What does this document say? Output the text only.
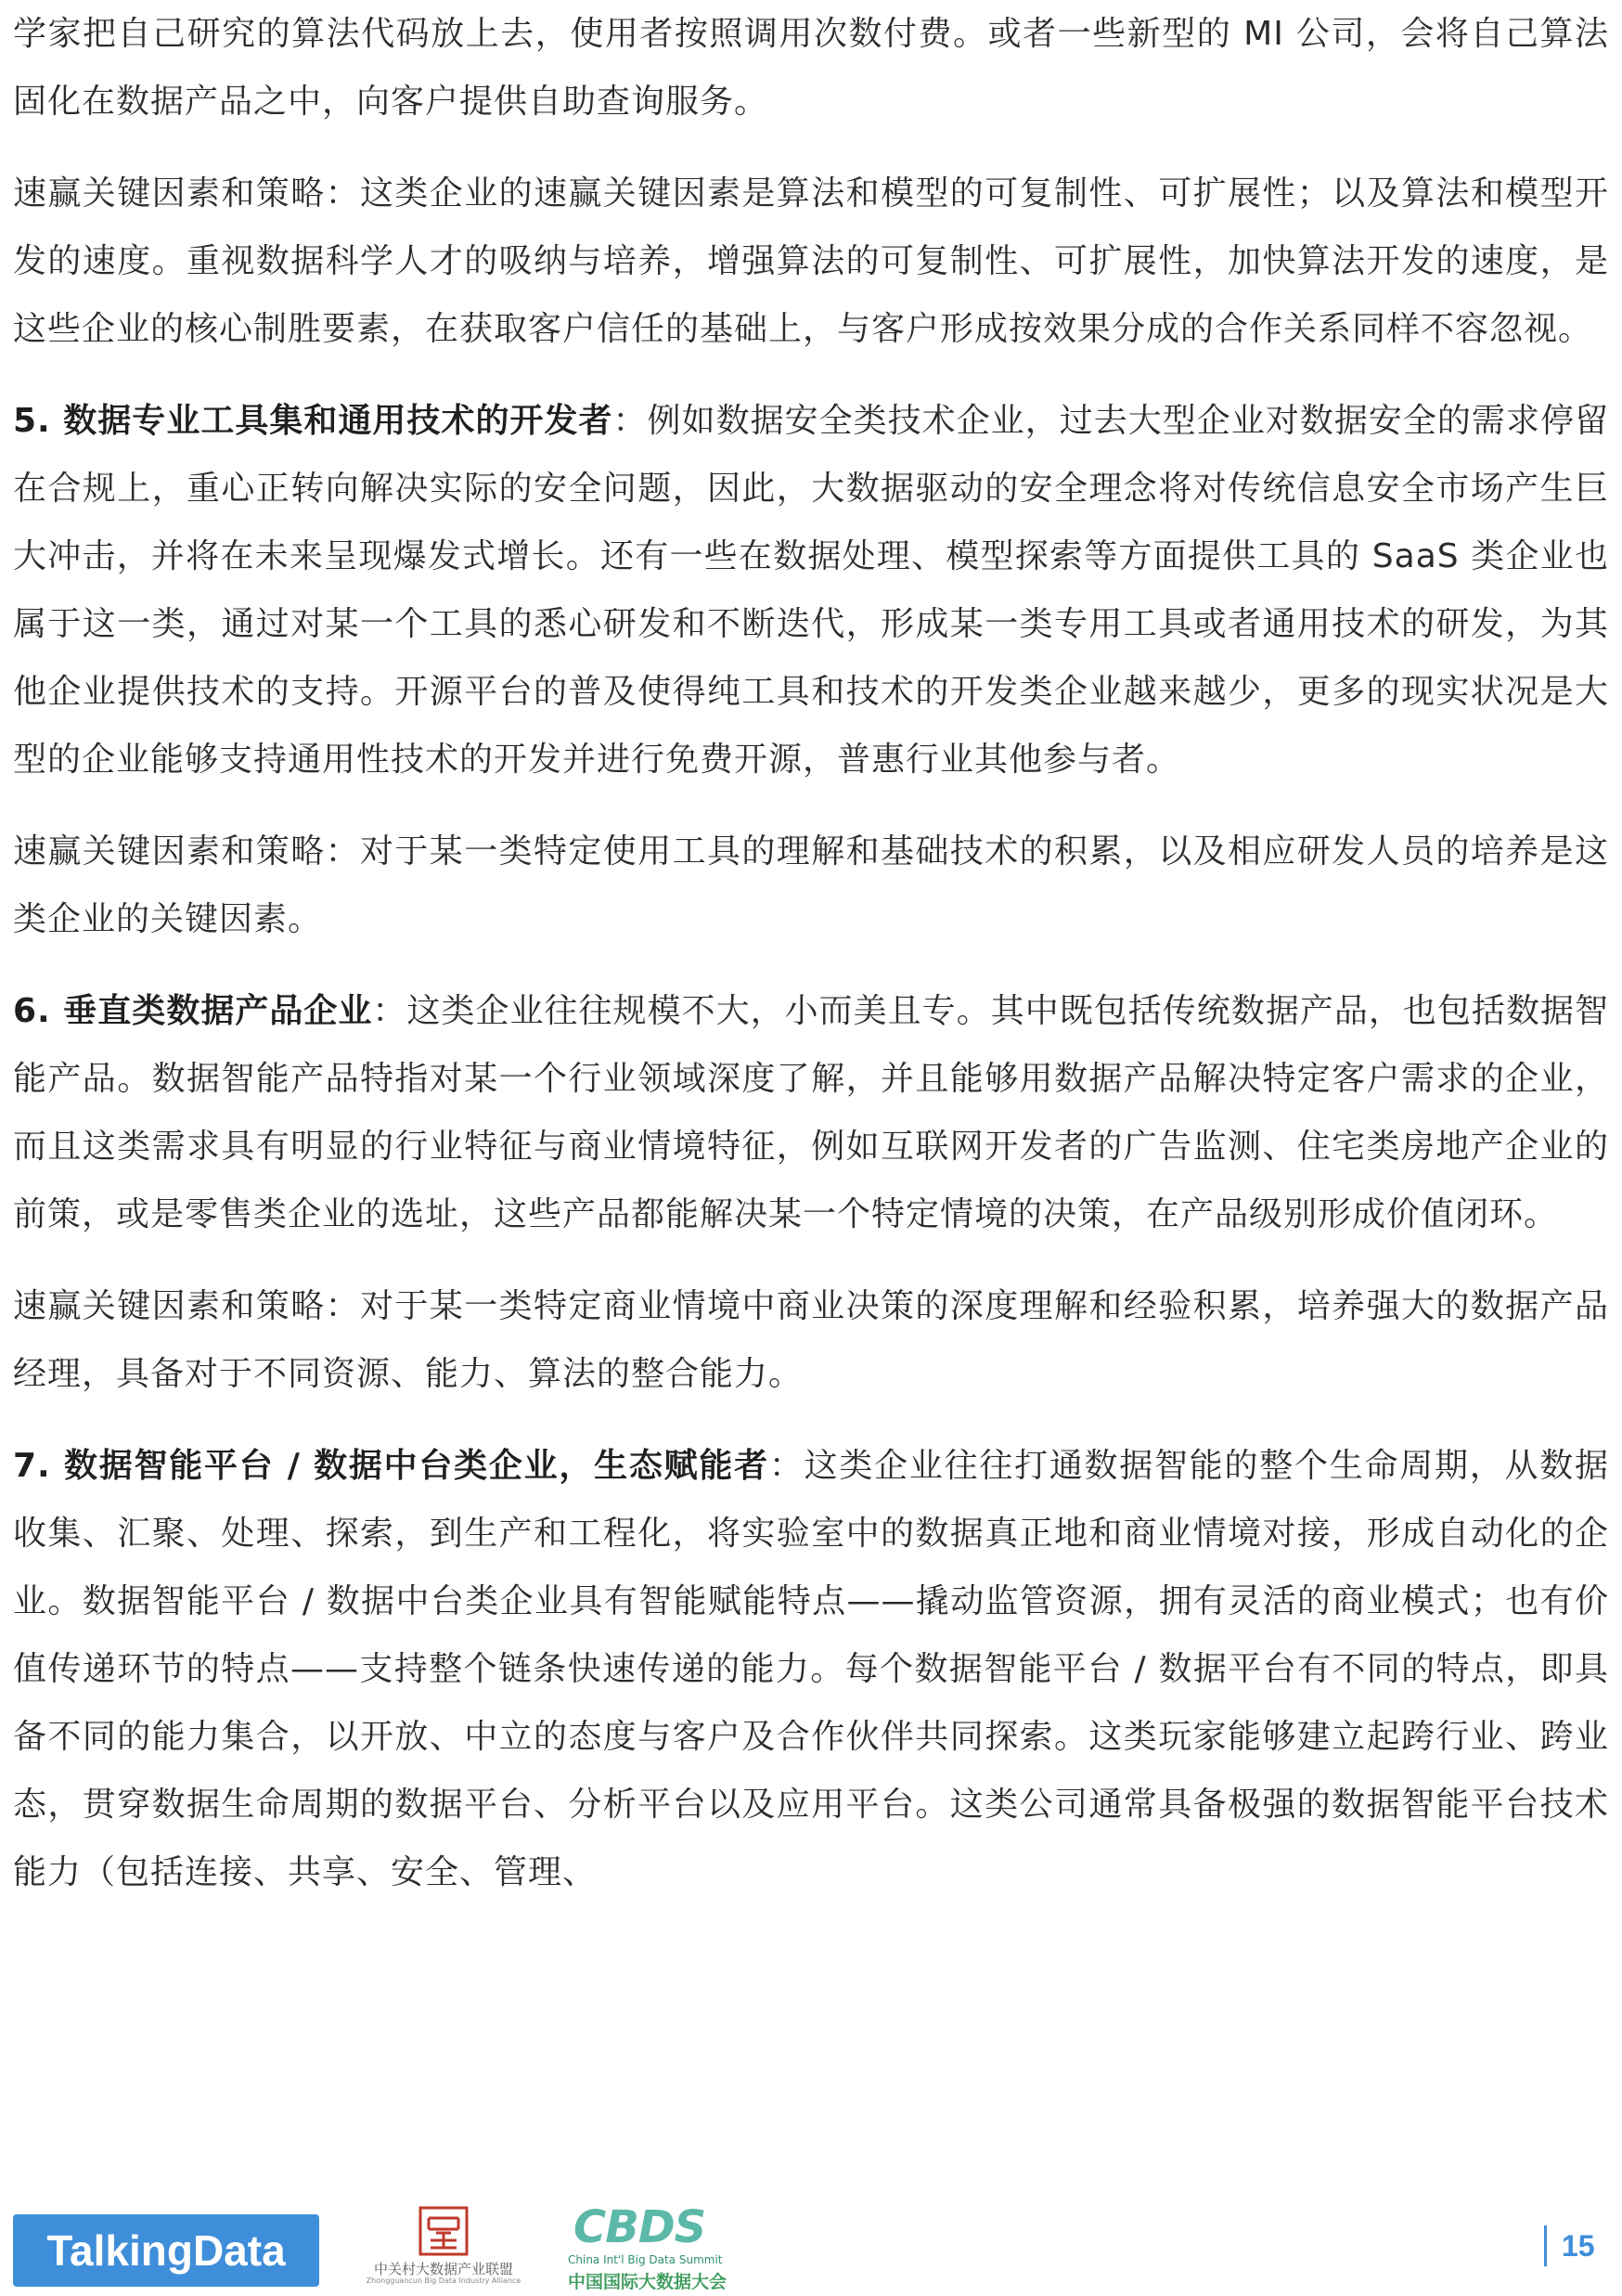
学家把自己研究的算法代码放上去，使用者按照调用次数付费。或者一些新型的 MI 公司，会将自己算法固化在数据产品之中，向客户提供自助查询服务。

速赢关键因素和策略：这类企业的速赢关键因素是算法和模型的可复制性、可扩展性；以及算法和模型开发的速度。重视数据科学人才的吸纳与培养，增强算法的可复制性、可扩展性，加快算法开发的速度，是这些企业的核心制胜要素，在获取客户信任的基础上，与客户形成按效果分成的合作关系同样不容忽视。

5. 数据专业工具集和通用技术的开发者：例如数据安全类技术企业，过去大型企业对数据安全的需求停留在合规上，重心正转向解决实际的安全问题，因此，大数据驱动的安全理念将对传统信息安全市场产生巨大冲击，并将在未来呈现爆发式增长。还有一些在数据处理、模型探索等方面提供工具的 SaaS 类企业也属于这一类，通过对某一个工具的悉心研发和不断迭代，形成某一类专用工具或者通用技术的研发，为其他企业提供技术的支持。开源平台的普及使得纯工具和技术的开发类企业越来越少，更多的现实状况是大型的企业能够支持通用性技术的开发并进行免费开源，普惠行业其他参与者。

速赢关键因素和策略：对于某一类特定使用工具的理解和基础技术的积累，以及相应研发人员的培养是这类企业的关键因素。

6. 垂直类数据产品企业：这类企业往往规模不大，小而美且专。其中既包括传统数据产品，也包括数据智能产品。数据智能产品特指对某一个行业领域深度了解，并且能够用数据产品解决特定客户需求的企业，而且这类需求具有明显的行业特征与商业情境特征，例如互联网开发者的广告监测、住宅类房地产企业的前策，或是零售类企业的选址，这些产品都能解决某一个特定情境的决策，在产品级别形成价值闭环。

速赢关键因素和策略：对于某一类特定商业情境中商业决策的深度理解和经验积累，培养强大的数据产品经理，具备对于不同资源、能力、算法的整合能力。

7. 数据智能平台 / 数据中台类企业，生态赋能者：这类企业往往打通数据智能的整个生命周期，从数据收集、汇聚、处理、探索，到生产和工程化，将实验室中的数据真正地和商业情境对接，形成自动化的企业。数据智能平台 / 数据中台类企业具有智能赋能特点——撬动监管资源，拥有灵活的商业模式；也有价值传递环节的特点——支持整个链条快速传递的能力。每个数据智能平台 / 数据平台有不同的特点，即具备不同的能力集合，以开放、中立的态度与客户及合作伙伴共同探索。这类玩家能够建立起跨行业、跨业态，贯穿数据生命周期的数据平台、分析平台以及应用平台。这类公司通常具备极强的数据智能平台技术能力（包括连接、共享、安全、管理、

TalkingData	中关村大数据产业联盟
Zhongguancun Big Data Industry Alliance
CBDS
China Int'l Big Data Summit
中国国际大数据大会
15
